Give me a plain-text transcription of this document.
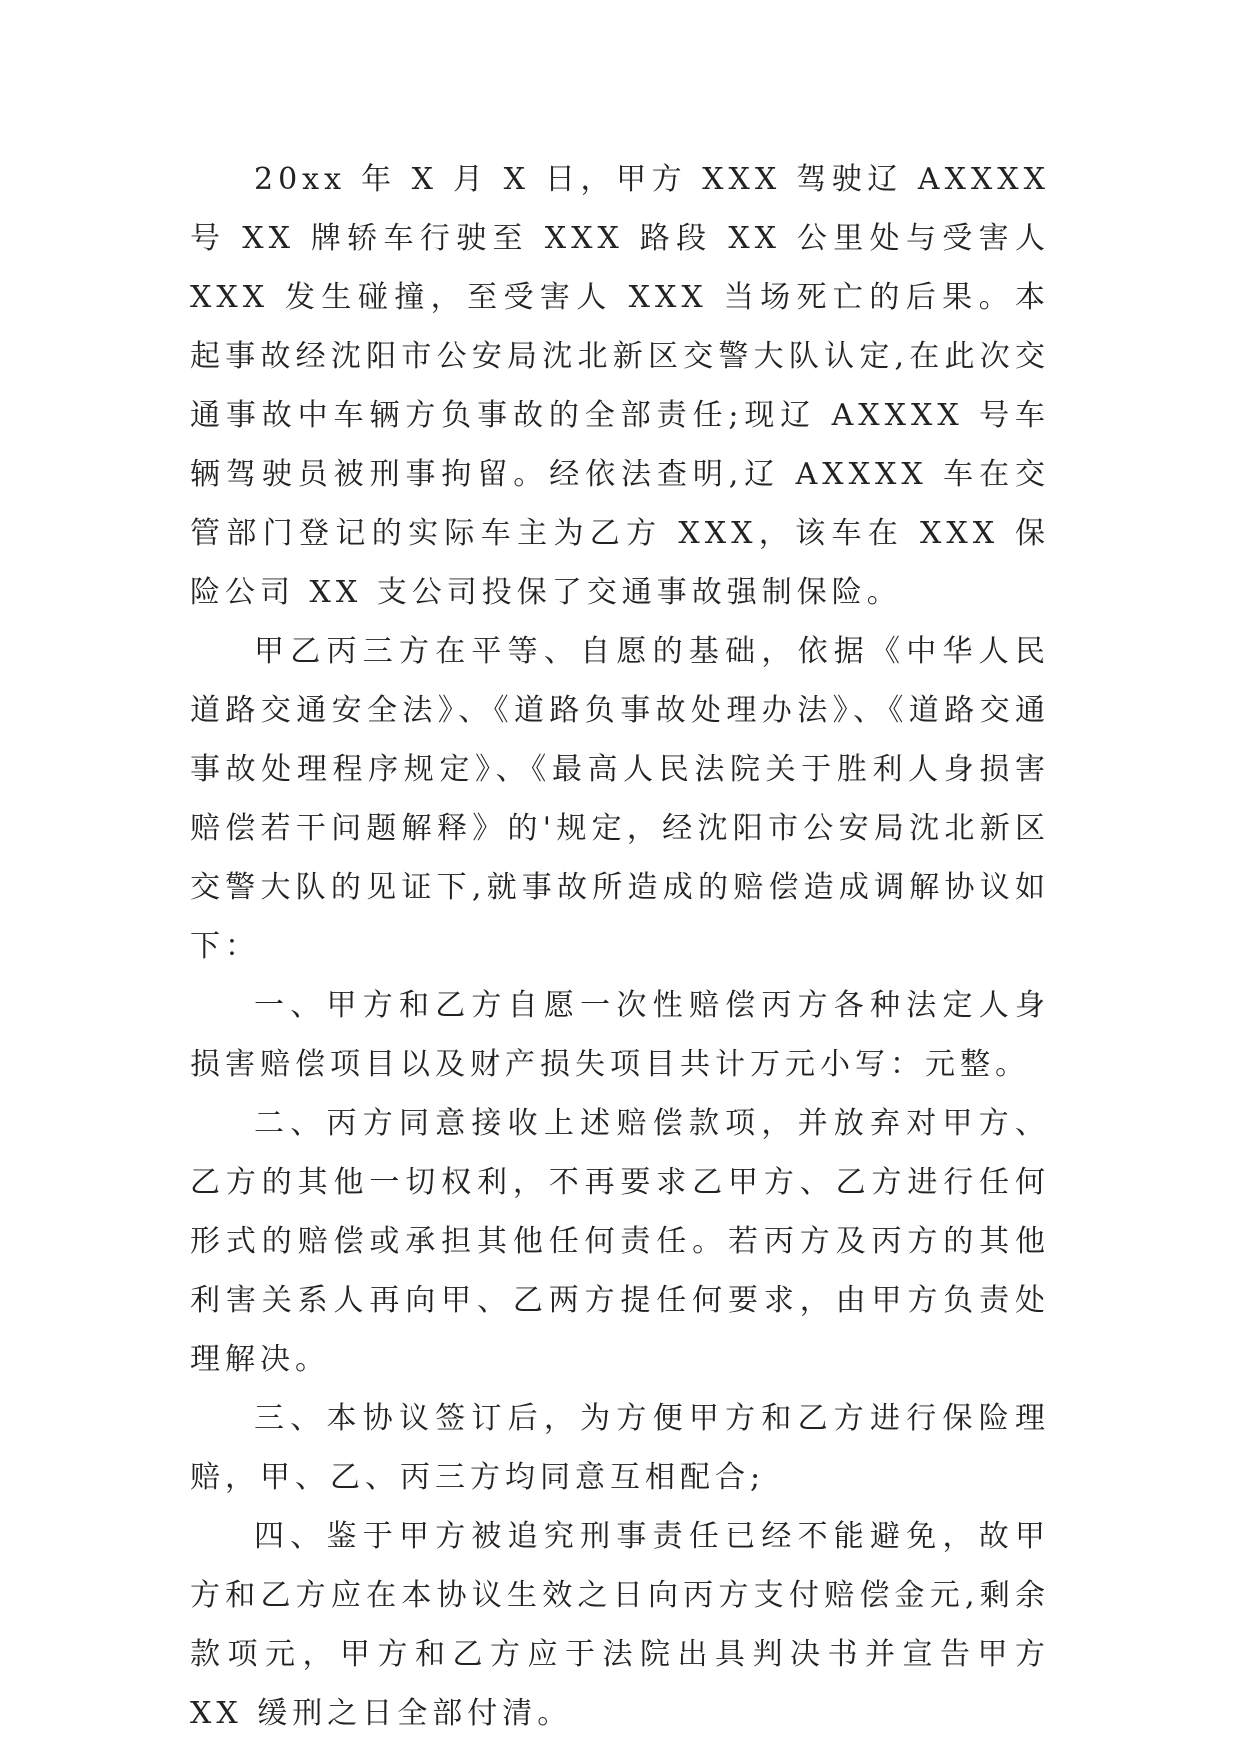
20xx 年 X 月 X 日，甲方 XXX 驾驶辽 AXXXX 号 XX 牌轿车行驶至 XXX 路段 XX 公里处与受害人 XXX 发生碰撞，至受害人 XXX 当场死亡的后果。本起事故经沈阳市公安局沈北新区交警大队认定,在此次交通事故中车辆方负事故的全部责任;现辽 AXXXX 号车辆驾驶员被刑事拘留。经依法查明,辽 AXXXX 车在交管部门登记的实际车主为乙方 XXX，该车在 XXX 保险公司 XX 支公司投保了交通事故强制保险。

甲乙丙三方在平等、自愿的基础，依据《中华人民道路交通安全法》、《道路负事故处理办法》、《道路交通事故处理程序规定》、《最高人民法院关于胜利人身损害赔偿若干问题解释》的'规定，经沈阳市公安局沈北新区交警大队的见证下,就事故所造成的赔偿造成调解协议如下：

一、甲方和乙方自愿一次性赔偿丙方各种法定人身损害赔偿项目以及财产损失项目共计万元小写：元整。

二、丙方同意接收上述赔偿款项，并放弃对甲方、乙方的其他一切权利，不再要求乙甲方、乙方进行任何形式的赔偿或承担其他任何责任。若丙方及丙方的其他利害关系人再向甲、乙两方提任何要求，由甲方负责处理解决。

三、本协议签订后，为方便甲方和乙方进行保险理赔，甲、乙、丙三方均同意互相配合;

四、鉴于甲方被追究刑事责任已经不能避免，故甲方和乙方应在本协议生效之日向丙方支付赔偿金元,剩余款项元，甲方和乙方应于法院出具判决书并宣告甲方 XX 缓刑之日全部付清。
